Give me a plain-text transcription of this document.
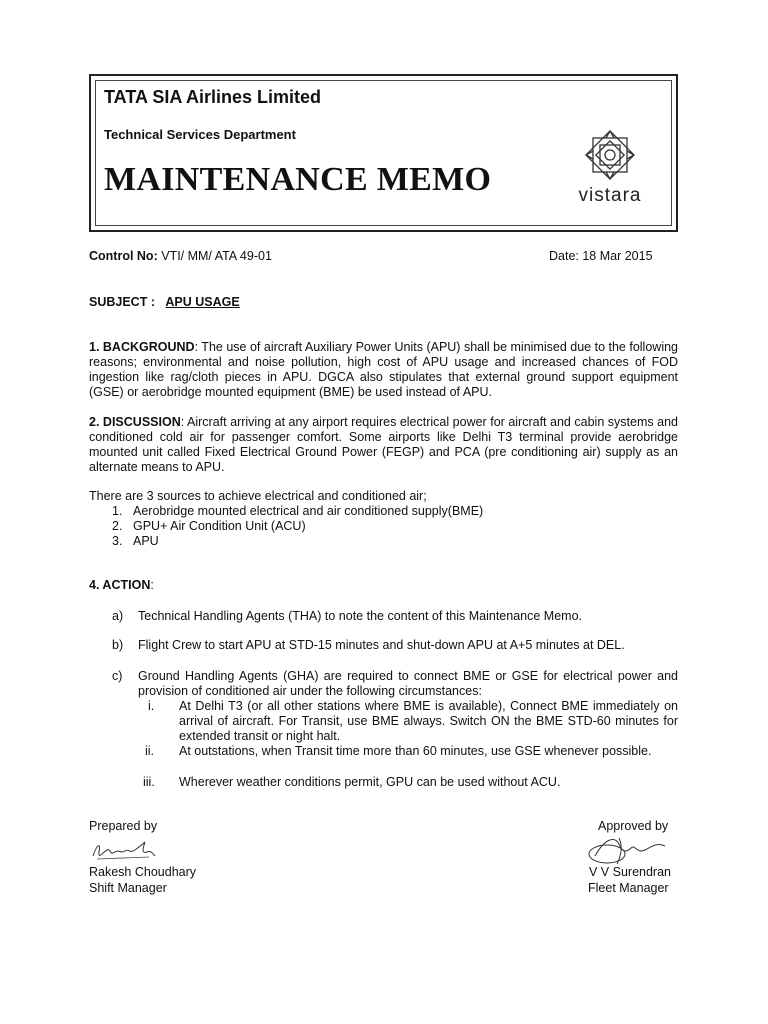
TATA SIA Airlines Limited
Technical Services Department
MAINTENANCE MEMO	vistara
Control No: VTI/ MM/ ATA 49-01	Date: 18 Mar 2015
SUBJECT : APU USAGE
1. BACKGROUND: The use of aircraft Auxiliary Power Units (APU) shall be minimised due to the following reasons; environmental and noise pollution, high cost of APU usage and increased chances of FOD ingestion like rag/cloth pieces in APU. DGCA also stipulates that external ground support equipment (GSE) or aerobridge mounted equipment (BME) be used instead of APU.
2. DISCUSSION: Aircraft arriving at any airport requires electrical power for aircraft and cabin systems and conditioned cold air for passenger comfort. Some airports like Delhi T3 terminal provide aerobridge mounted unit called Fixed Electrical Ground Power (FEGP) and PCA (pre conditioning air) supply as an alternate means to APU.
There are 3 sources to achieve electrical and conditioned air;
1. Aerobridge mounted electrical and air conditioned supply(BME)
2. GPU+ Air Condition Unit (ACU)
3. APU
4. ACTION:
a) Technical Handling Agents (THA) to note the content of this Maintenance Memo.
b) Flight Crew to start APU at STD-15 minutes and shut-down APU at A+5 minutes at DEL.
c) Ground Handling Agents (GHA) are required to connect BME or GSE for electrical power and provision of conditioned air under the following circumstances:
i. At Delhi T3 (or all other stations where BME is available), Connect BME immediately on arrival of aircraft. For Transit, use BME always. Switch ON the BME STD-60 minutes for extended transit or night halt.
ii. At outstations, when Transit time more than 60 minutes, use GSE whenever possible.
iii. Wherever weather conditions permit, GPU can be used without ACU.
Prepared by	Approved by
Rakesh Choudhary	V V Surendran
Shift Manager	Fleet Manager
